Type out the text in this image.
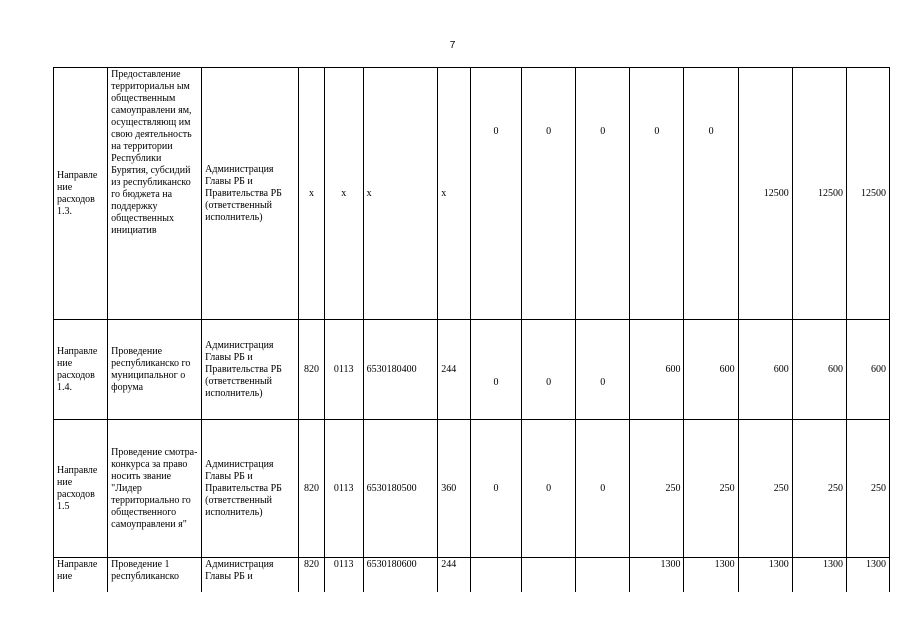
7
Направле ние расходов 1.3.	Предоставление территориальн ым общественным самоуправлени ям, осуществляющ им свою деятельность на территории Республики Бурятия, субсидий из республиканско го бюджета на поддержку общественных инициатив	Администрация Главы РБ и Правительства РБ (ответственный исполнитель)	х	х	х	х	0	0	0	0	0	12500	12500	12500
Направле ние расходов 1.4.	Проведение республиканско го муниципальног о форума	Администрация Главы РБ и Правительства РБ (ответственный исполнитель)	820	0113	6530180400	244	0	0	0	600	600	600	600	600
Направле ние расходов 1.5	Проведение смотра-конкурса за право носить звание "Лидер территориально го общественного самоуправлени я"	Администрация Главы РБ и Правительства РБ (ответственный исполнитель)	820	0113	6530180500	360	0	0	0	250	250	250	250	250
Направле ние	Проведение 1 республиканско	Администрация Главы РБ и	820	0113	6530180600	244				1300	1300	1300	1300	1300
